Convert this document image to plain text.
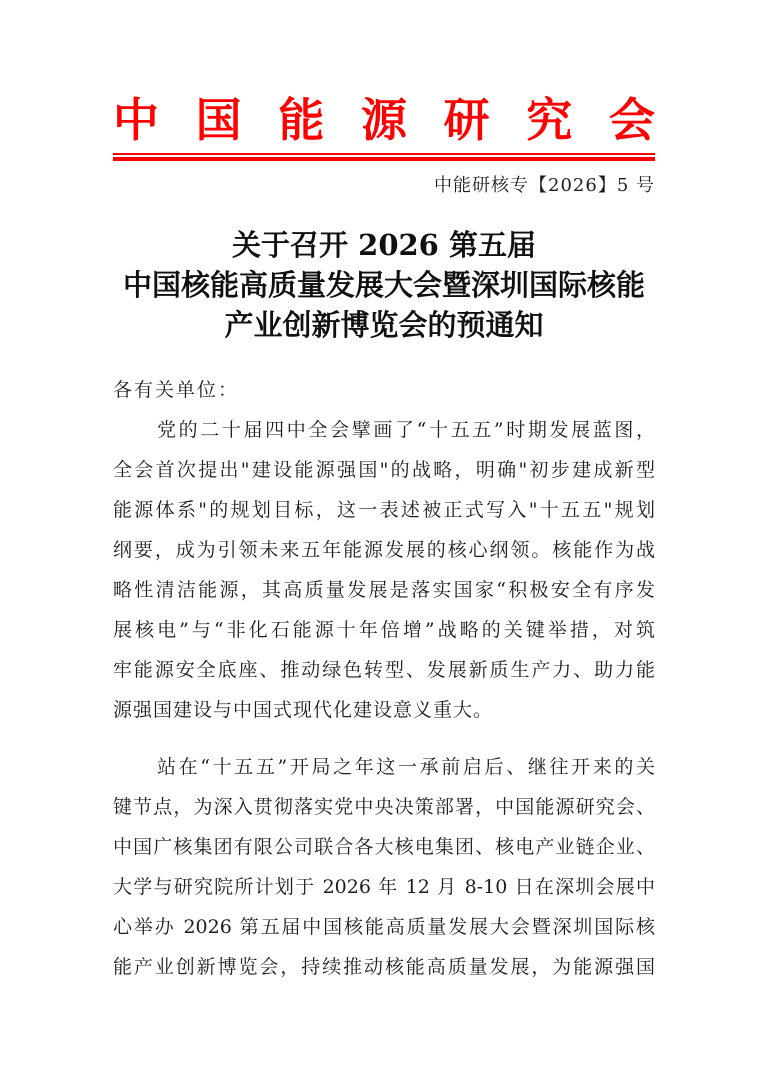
中 国 能 源 研 究 会
中能研核专【2026】5 号
关于召开 2026 第五届
中国核能高质量发展大会暨深圳国际核能
产业创新博览会的预通知
各有关单位：
党的二十届四中全会擘画了“十五五”时期发展蓝图，
全会首次提出"建设能源强国"的战略，明确"初步建成新型
能源体系"的规划目标，这一表述被正式写入"十五五"规划
纲要，成为引领未来五年能源发展的核心纲领。核能作为战
略性清洁能源，其高质量发展是落实国家“积极安全有序发
展核电”与“非化石能源十年倍增”战略的关键举措，对筑
牢能源安全底座、推动绿色转型、发展新质生产力、助力能
源强国建设与中国式现代化建设意义重大。
站在“十五五”开局之年这一承前启后、继往开来的关
键节点，为深入贯彻落实党中央决策部署，中国能源研究会、
中国广核集团有限公司联合各大核电集团、核电产业链企业、
大学与研究院所计划于 2026 年 12 月 8-10 日在深圳会展中
心举办 2026 第五届中国核能高质量发展大会暨深圳国际核
能产业创新博览会，持续推动核能高质量发展，为能源强国
